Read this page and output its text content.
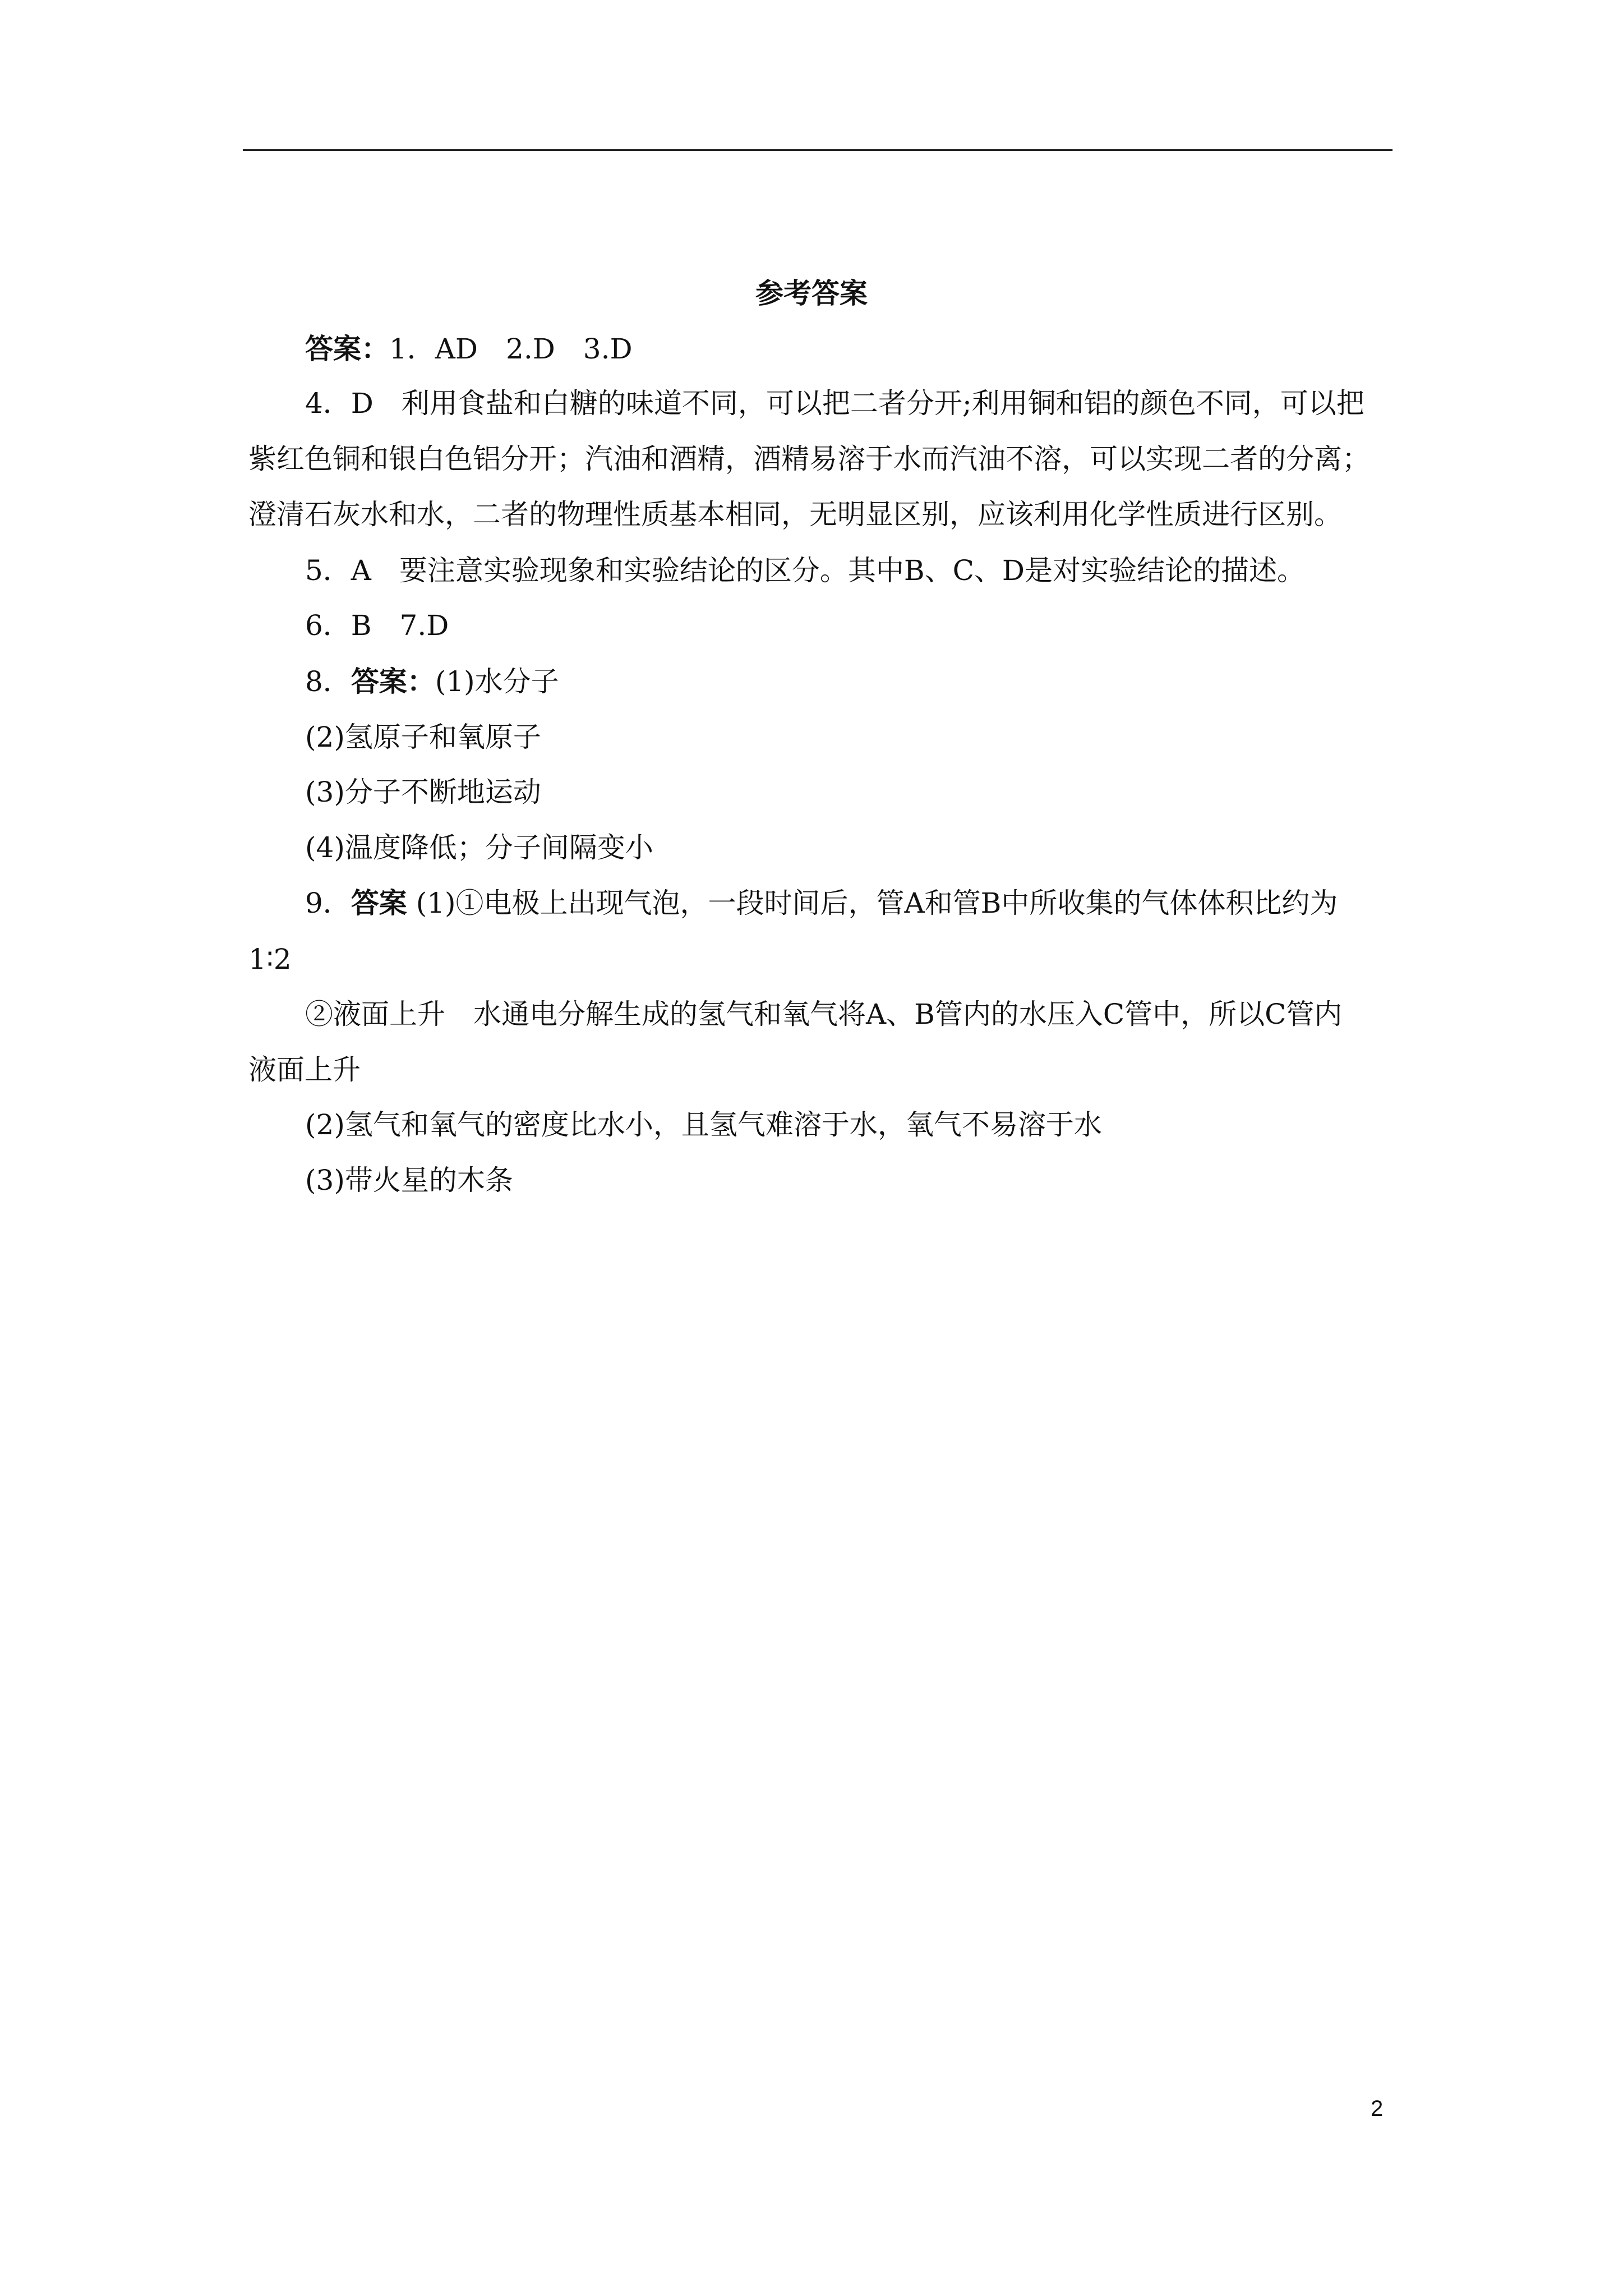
参考答案
答案：1．AD　2.D　3.D
4．D　利用食盐和白糖的味道不同，可以把二者分开;利用铜和铝的颜色不同，可以把
紫红色铜和银白色铝分开；汽油和酒精，酒精易溶于水而汽油不溶，可以实现二者的分离；
澄清石灰水和水，二者的物理性质基本相同，无明显区别，应该利用化学性质进行区别。
5．A　要注意实验现象和实验结论的区分。其中B、C、D是对实验结论的描述。
6．B　7.D
8．答案：(1)水分子
(2)氢原子和氧原子
(3)分子不断地运动
(4)温度降低；分子间隔变小
9．答案 (1)①电极上出现气泡，一段时间后，管A和管B中所收集的气体体积比约为
1∶2
②液面上升　水通电分解生成的氢气和氧气将A、B管内的水压入C管中，所以C管内
液面上升
(2)氢气和氧气的密度比水小，且氢气难溶于水，氧气不易溶于水
(3)带火星的木条
2
